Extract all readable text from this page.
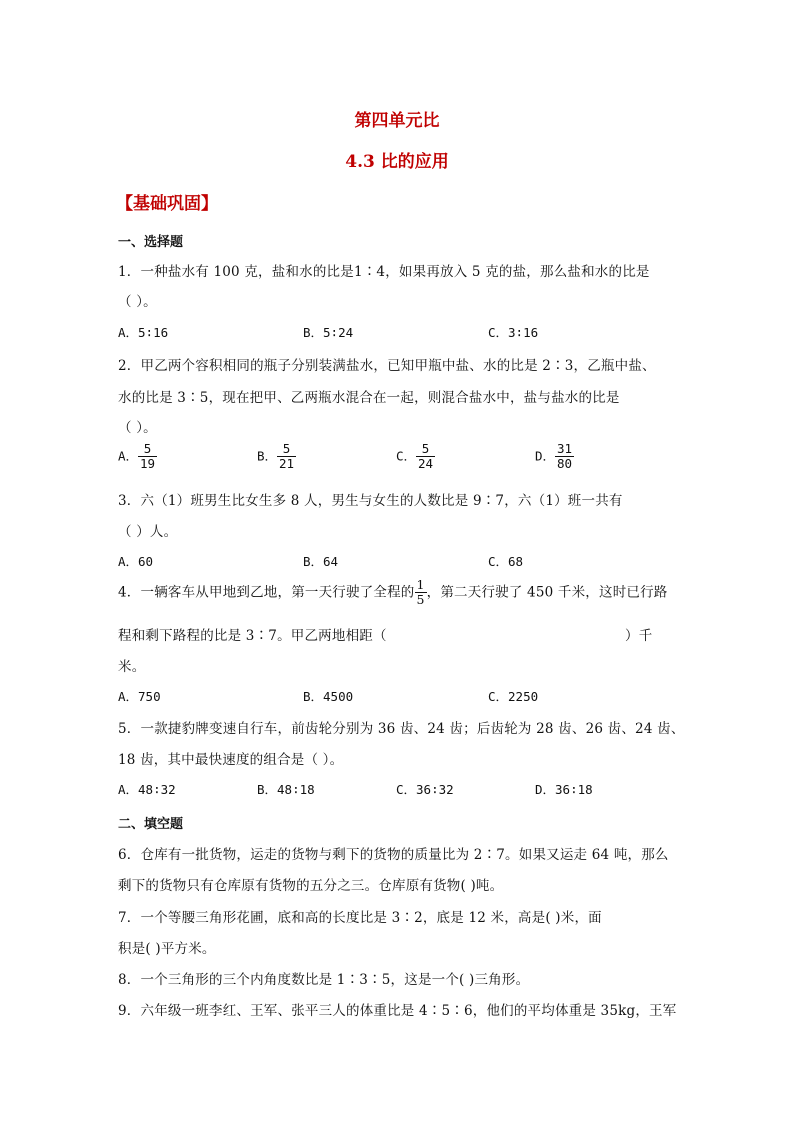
第四单元比
4.3 比的应用
【基础巩固】
一、选择题
1．一种盐水有 100 克，盐和水的比是1∶4，如果再放入 5 克的盐，那么盐和水的比是
（ ）。
A．5∶16	B．5∶24	C．3∶16
2．甲乙两个容积相同的瓶子分别装满盐水，已知甲瓶中盐、水的比是 2∶3，乙瓶中盐、
水的比是 3∶5，现在把甲、乙两瓶水混合在一起，则混合盐水中，盐与盐水的比是
（ ）。
A． $\frac{5}{19}$	B． $\frac{5}{21}$	C． $\frac{5}{24}$	D． $\frac{31}{80}$
3．六（1）班男生比女生多 8 人，男生与女生的人数比是 9∶7，六（1）班一共有
（ ）人。
A．60	B．64	C．68
4．一辆客车从甲地到乙地，第一天行驶了全程的 $\frac{1}{5}$ ，第二天行驶了 450 千米，这时已行路
程和剩下路程的比是 3∶7。甲乙两地相距（	）千
米。
A．750	B．4500	C．2250
5．一款捷豹牌变速自行车，前齿轮分别为 36 齿、24 齿；后齿轮为 28 齿、26 齿、24 齿、
18 齿，其中最快速度的组合是（ ）。
A．48∶32	B．48∶18	C．36∶32	D．36∶18
二、填空题
6．仓库有一批货物，运走的货物与剩下的货物的质量比为 2∶7。如果又运走 64 吨，那么
剩下的货物只有仓库原有货物的五分之三。仓库原有货物( )吨。
7．一个等腰三角形花圃，底和高的长度比是 3∶2，底是 12 米，高是( )米，面
积是( )平方米。
8．一个三角形的三个内角度数比是 1∶3∶5，这是一个( )三角形。
9．六年级一班李红、王军、张平三人的体重比是 4∶5∶6，他们的平均体重是 35kg，王军
